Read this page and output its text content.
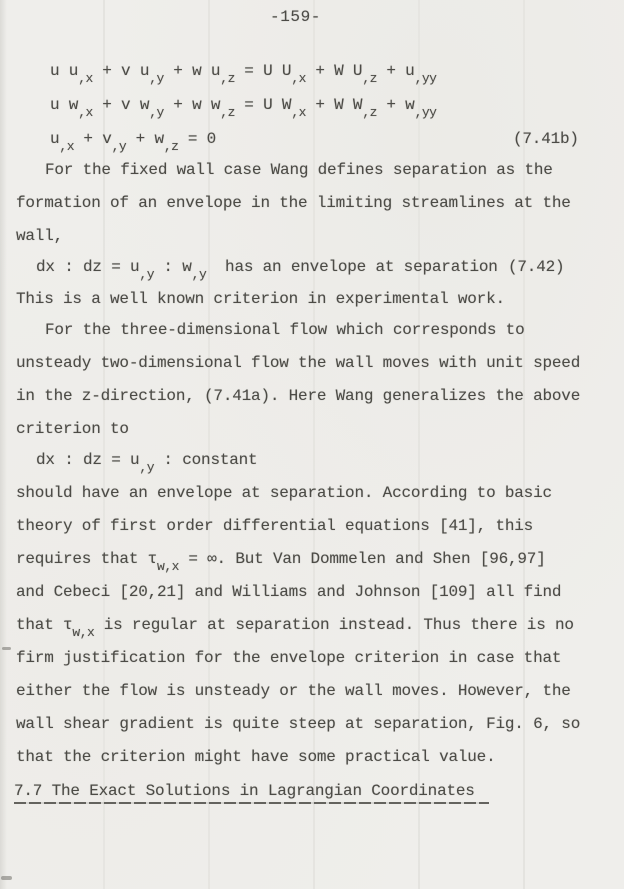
-159-
u u,x + v u,y + w u,z = U U,x + W U,z + u,yy
u w,x + v w,y + w w,z = U W,x + W W,z + w,yy
u,x + v,y + w,z = 0	(7.41b)
For the fixed wall case Wang defines separation as the
formation of an envelope in the limiting streamlines at the
wall,
dx : dz = u,y : w,y  has an envelope at separation (7.42)
This is a well known criterion in experimental work.
For the three-dimensional flow which corresponds to
unsteady two-dimensional flow the wall moves with unit speed
in the z-direction, (7.41a). Here Wang generalizes the above
criterion to
dx : dz = u,y : constant
should have an envelope at separation. According to basic
theory of first order differential equations [41], this
requires that τw,x = ∞. But Van Dommelen and Shen [96,97]
and Cebeci [20,21] and Williams and Johnson [109] all find
that τw,x is regular at separation instead. Thus there is no
firm justification for the envelope criterion in case that
either the flow is unsteady or the wall moves. However, the
wall shear gradient is quite steep at separation, Fig. 6, so
that the criterion might have some practical value.
7.7 The Exact Solutions in Lagrangian Coordinates
